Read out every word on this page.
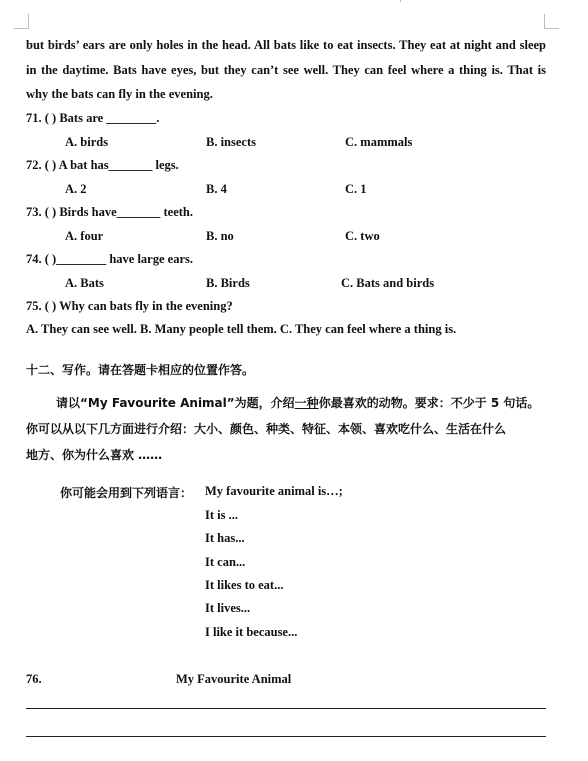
but birds’ ears are only holes in the head. All bats like to eat insects. They eat at night and sleep
in the daytime. Bats have eyes, but they can’t see well. They can feel where a thing is. That is
why the bats can fly in the evening.
71. ( ) Bats are ________.
A. birds	B. insects	C. mammals
72. ( ) A bat has_______ legs.
A. 2	B. 4	C. 1
73. ( ) Birds have_______ teeth.
A. four	B. no	C. two
74. ( )________ have large ears.
A. Bats	B. Birds	C. Bats and birds
75. ( ) Why can bats fly in the evening?
A. They can see well. B. Many people tell them. C. They can feel where a thing is.
十二、写作。请在答题卡相应的位置作答。
请以“My Favourite Animal”为题，介绍一种你最喜欢的动物。要求：不少于 5 句话。
你可以从以下几方面进行介绍：大小、颜色、种类、特征、本领、喜欢吃什么、生活在什么
地方、你为什么喜欢 ……
你可能会用到下列语言： My favourite animal is…;
It is ...
It has...
It can...
It likes to eat...
It lives...
I like it because...
76.	My Favourite Animal
